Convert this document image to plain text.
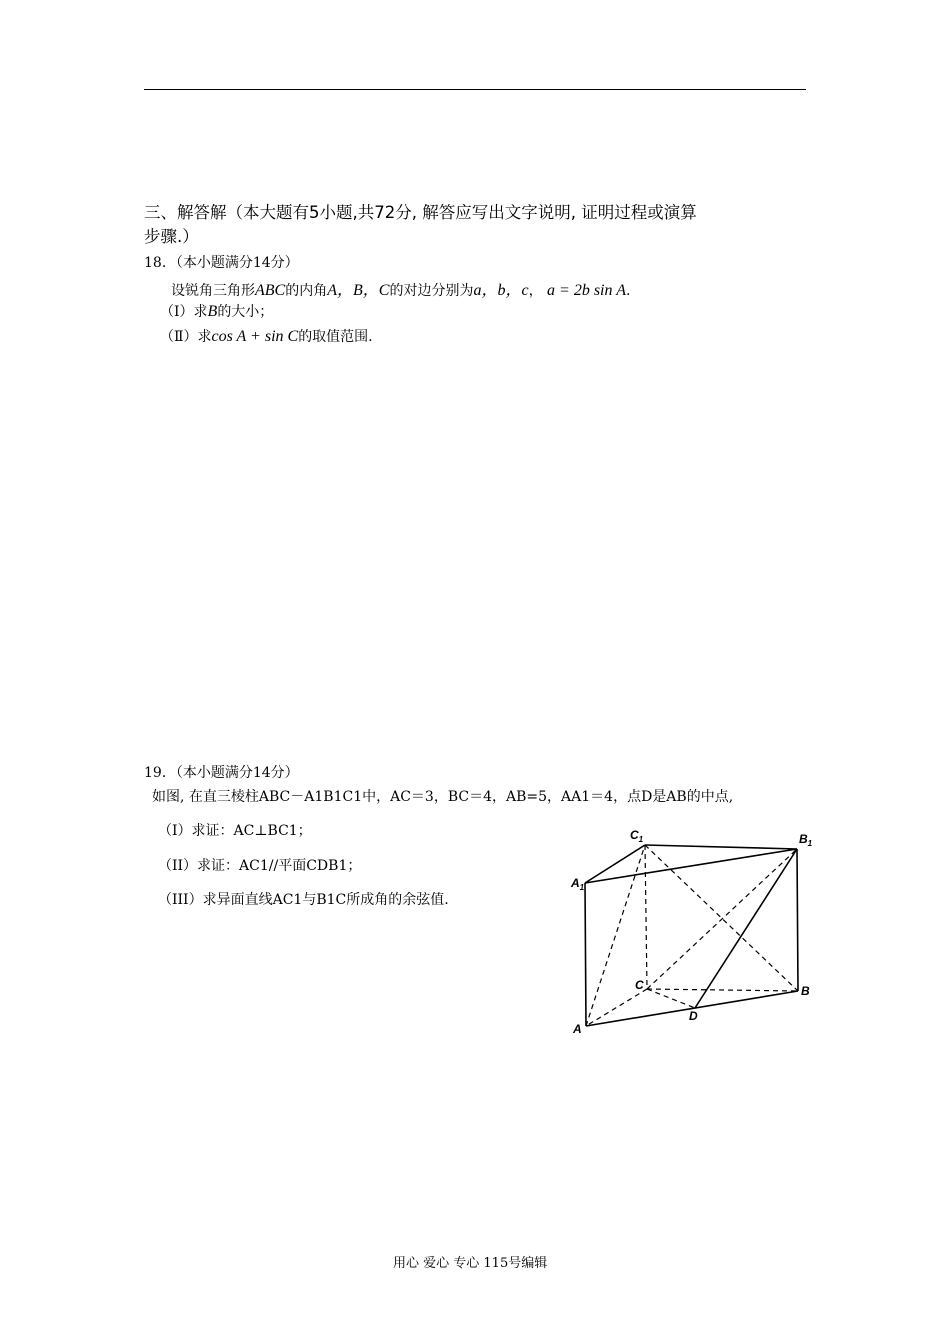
三、解答解（本大题有5小题,共72分, 解答应写出文字说明, 证明过程或演算
步骤.）
18．（本小题满分14分）
设锐角三角形ABC的内角A，B，C的对边分别为a，b，c， a = 2b sin A.
（Ⅰ）求B的大小；
（Ⅱ）求cos A + sin C的取值范围.
19．（本小题满分14分）
如图, 在直三棱柱ABC－A1B1C1中，AC＝3，BC＝4，AB=5，AA1＝4，点D是AB的中点,
（I）求证：AC⊥BC1；
（II）求证：AC1//平面CDB1；
（III）求异面直线AC1与B1C所成角的余弦值.
$C_1$	$B_1$
$A_1$
C	B
A
D
用心 爱心 专心 115号编辑
